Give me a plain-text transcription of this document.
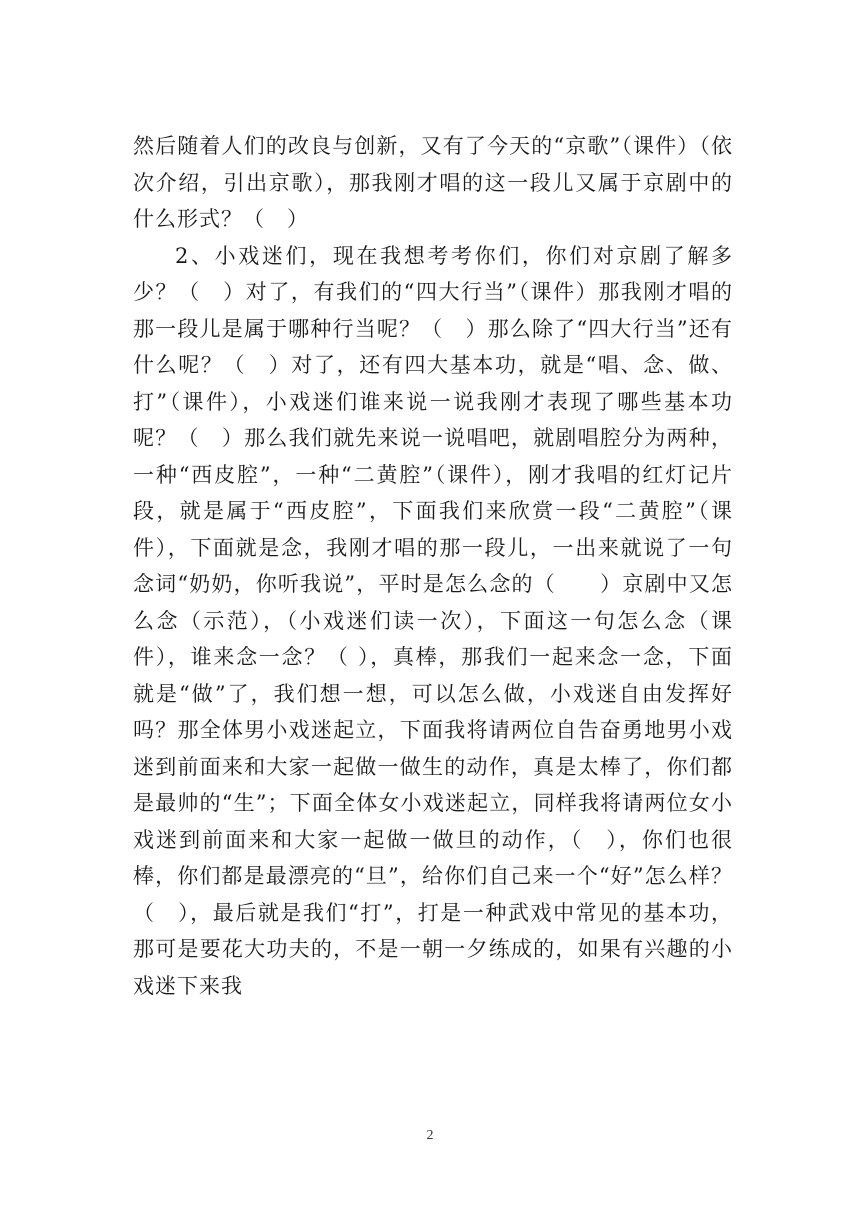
然后随着人们的改良与创新，又有了今天的“京歌”（课件）（依次介绍，引出京歌），那我刚才唱的这一段儿又属于京剧中的什么形式？（　）

2、小戏迷们，现在我想考考你们，你们对京剧了解多少？（　）对了，有我们的“四大行当”（课件）那我刚才唱的那一段儿是属于哪种行当呢？（　）那么除了“四大行当”还有什么呢？（　）对了，还有四大基本功，就是“唱、念、做、打”（课件），小戏迷们谁来说一说我刚才表现了哪些基本功呢？（　）那么我们就先来说一说唱吧，就剧唱腔分为两种，一种“西皮腔”，一种“二黄腔”（课件），刚才我唱的红灯记片段，就是属于“西皮腔”，下面我们来欣赏一段“二黄腔”（课件），下面就是念，我刚才唱的那一段儿，一出来就说了一句念词“奶奶，你听我说”，平时是怎么念的（　　）京剧中又怎么念（示范），（小戏迷们读一次），下面这一句怎么念（课件），谁来念一念？（ ），真棒，那我们一起来念一念，下面就是“做”了，我们想一想，可以怎么做，小戏迷自由发挥好吗？那全体男小戏迷起立，下面我将请两位自告奋勇地男小戏迷到前面来和大家一起做一做生的动作，真是太棒了，你们都是最帅的“生”；下面全体女小戏迷起立，同样我将请两位女小戏迷到前面来和大家一起做一做旦的动作，（　），你们也很棒，你们都是最漂亮的“旦”，给你们自己来一个“好”怎么样？（　），最后就是我们“打”，打是一种武戏中常见的基本功，那可是要花大功夫的，不是一朝一夕练成的，如果有兴趣的小戏迷下来我

2
